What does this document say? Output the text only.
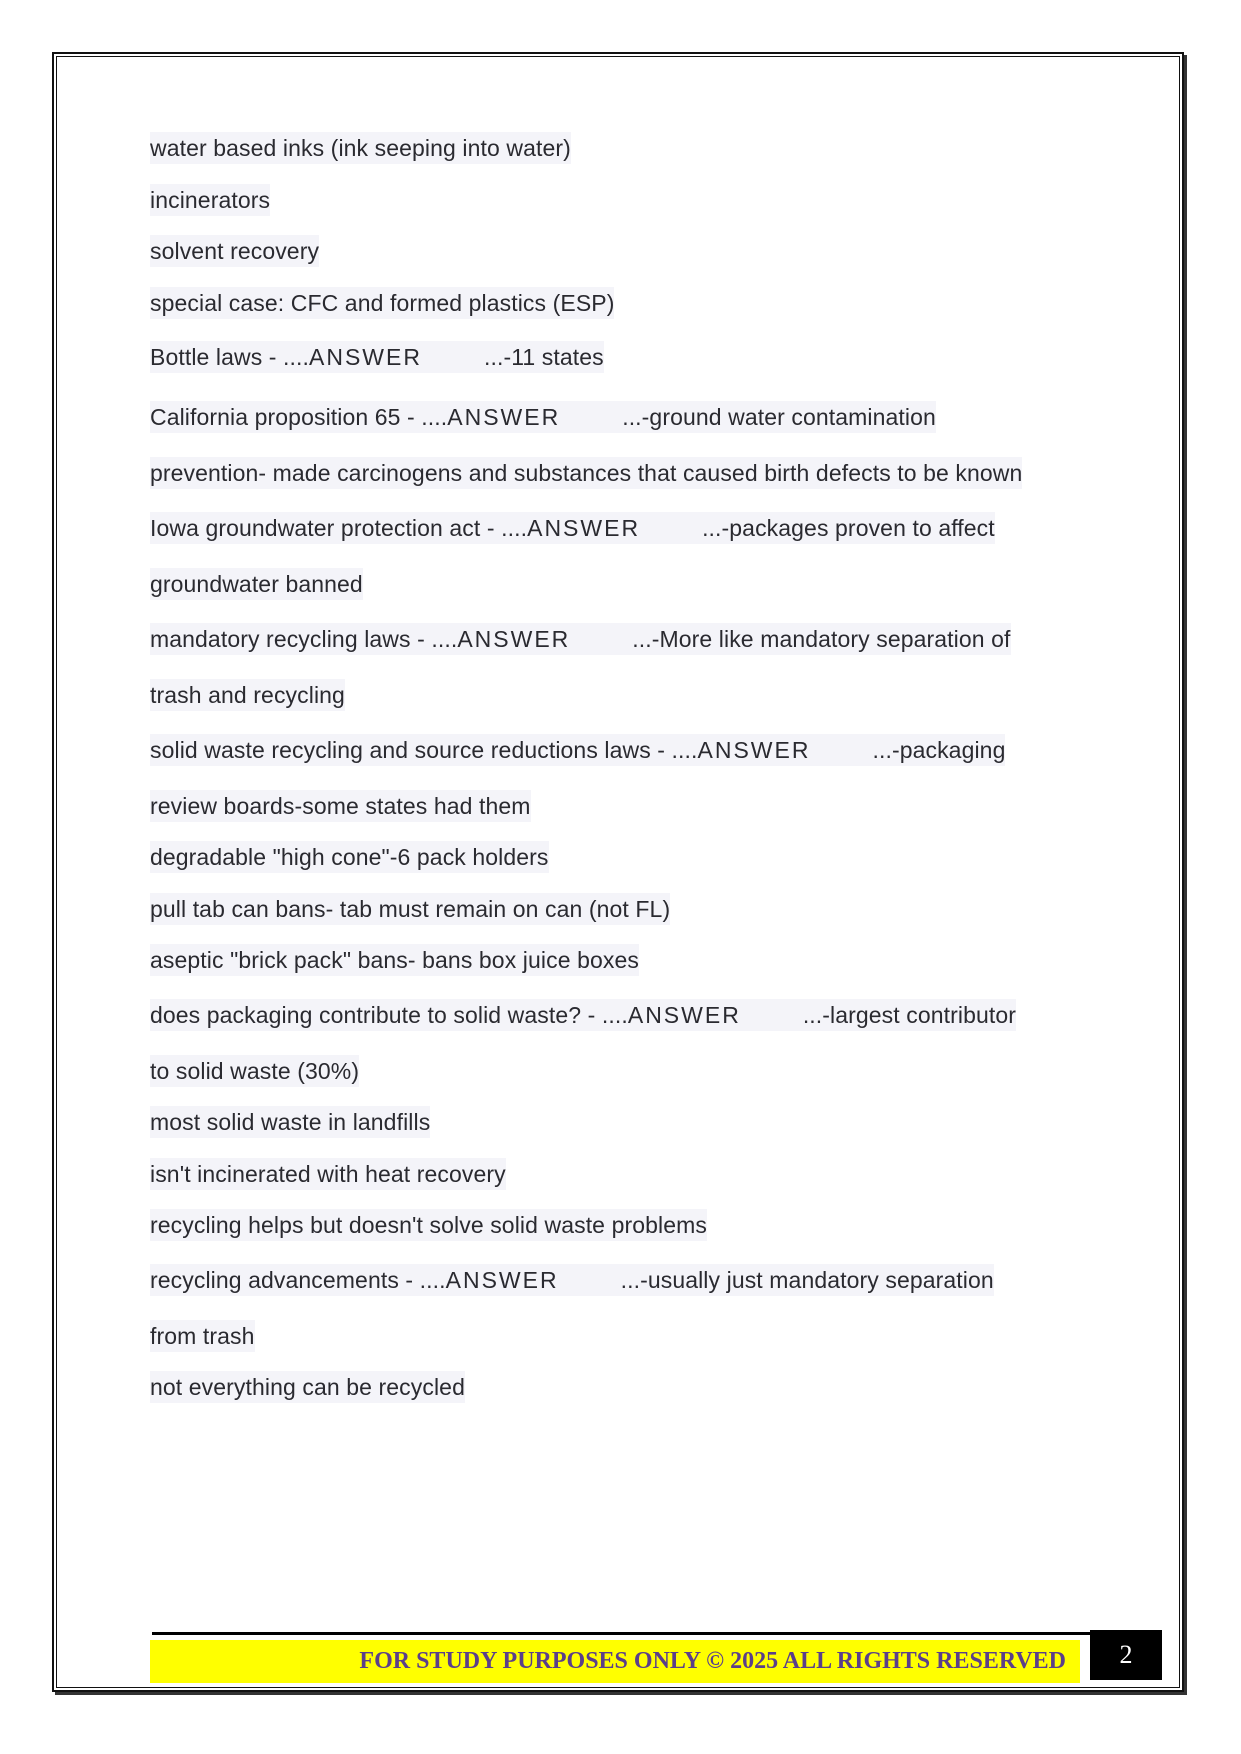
water based inks (ink seeping into water)
incinerators
solvent recovery
special case: CFC and formed plastics (ESP)
Bottle laws - ....ANSWER	...-11 states
California proposition 65 - ....ANSWER	...-ground water contamination
prevention- made carcinogens and substances that caused birth defects to be known
Iowa groundwater protection act - ....ANSWER	...-packages proven to affect
groundwater banned
mandatory recycling laws - ....ANSWER	...-More like mandatory separation of
trash and recycling
solid waste recycling and source reductions laws - ....ANSWER	...-packaging
review boards-some states had them
degradable "high cone"-6 pack holders
pull tab can bans- tab must remain on can (not FL)
aseptic "brick pack" bans- bans box juice boxes
does packaging contribute to solid waste? - ....ANSWER	...-largest contributor
to solid waste (30%)
most solid waste in landfills
isn't incinerated with heat recovery
recycling helps but doesn't solve solid waste problems
recycling advancements - ....ANSWER	...-usually just mandatory separation
from trash
not everything can be recycled
FOR STUDY PURPOSES ONLY © 2025 ALL RIGHTS RESERVED	2
